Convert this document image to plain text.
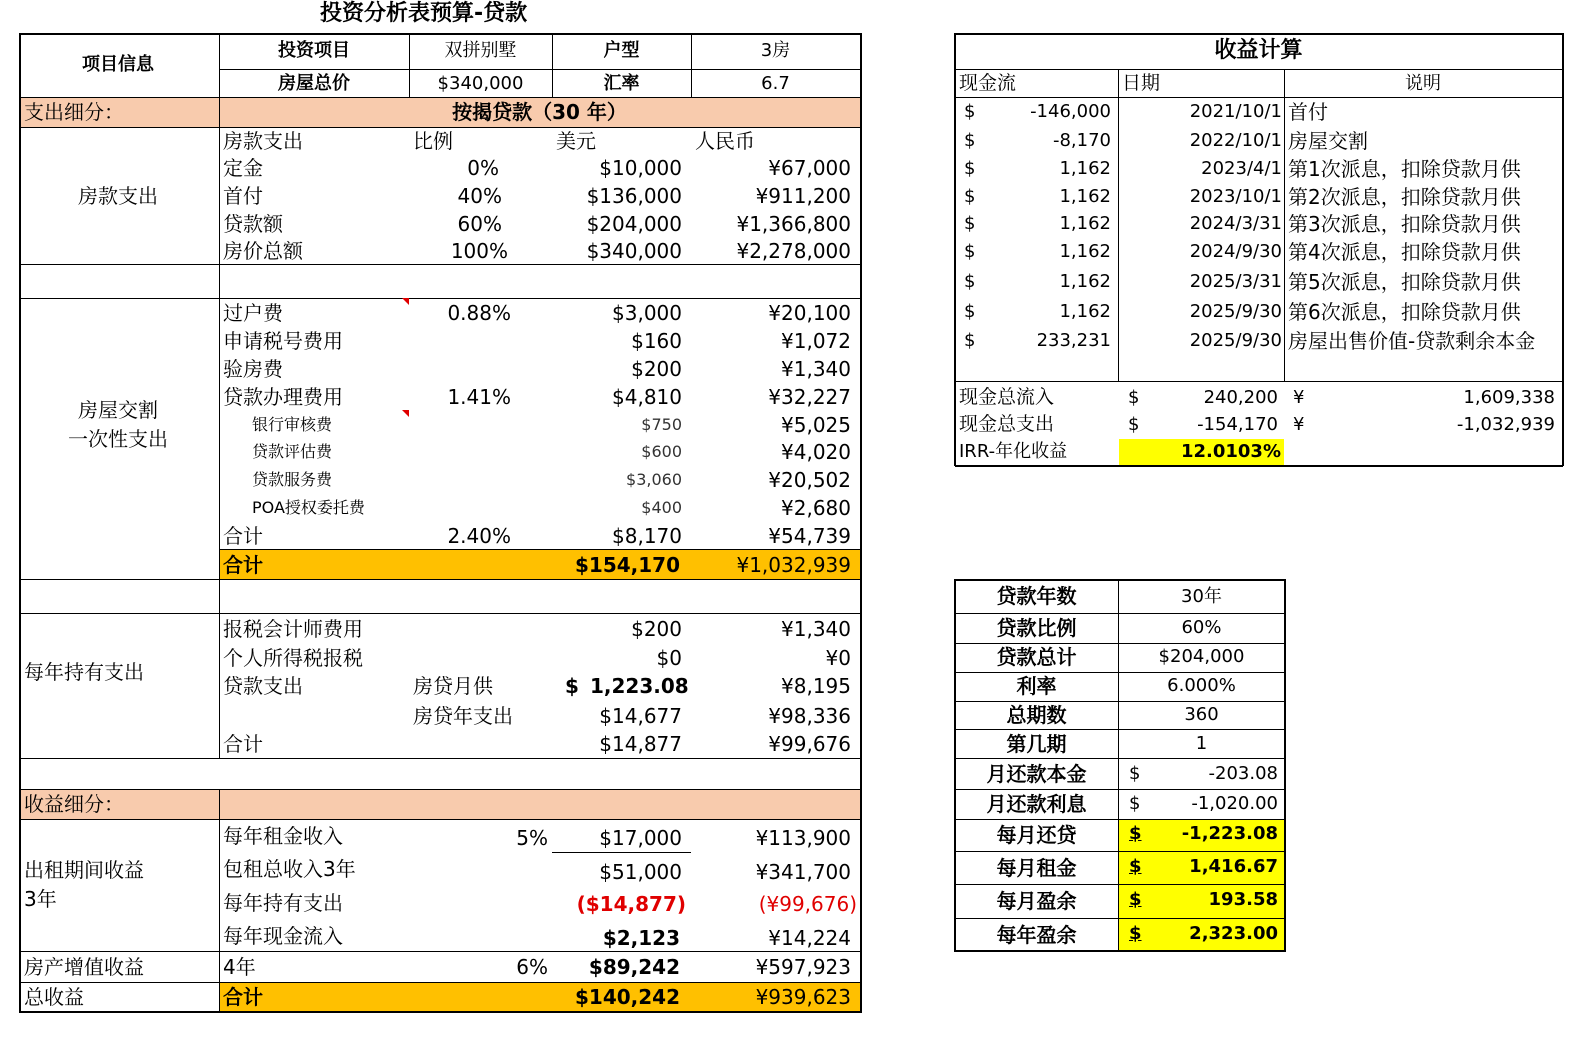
投资分析表预算-贷款
项目信息
投资项目	双拼别墅	户型	3房
房屋总价	$340,000	汇率	6.7
支出细分：	按揭贷款（30 年）
房款支出
房款支出	比例	美元	人民币
定金	0%	$10,000	¥67,000
首付	40%	$136,000	¥911,200
贷款额	60%	$204,000	¥1,366,800
房价总额	100%	$340,000	¥2,278,000
房屋交割
一次性支出
过户费	0.88%	$3,000	¥20,100
申请税号费用	$160	¥1,072
验房费	$200	¥1,340
贷款办理费用	1.41%	$4,810	¥32,227
银行审核费	$750	¥5,025
贷款评估费	$600	¥4,020
贷款服务费	$3,060	¥20,502
POA授权委托费	$400	¥2,680
合计	2.40%	$8,170	¥54,739
合计	$154,170	¥1,032,939
每年持有支出
报税会计师费用	$200	¥1,340
个人所得税报税	$0	¥0
贷款支出	房贷月供	$ 1,223.08	¥8,195
房贷年支出	$14,677	¥98,336
合计	$14,877	¥99,676
收益细分：
出租期间收益
3年
每年租金收入	5%	$17,000	¥113,900
包租总收入3年	$51,000	¥341,700
每年持有支出	($14,877)	(¥99,676)
每年现金流入	$2,123	¥14,224
房产增值收益	4年	6%	$89,242	¥597,923
总收益	合计	$140,242	¥939,623
收益计算
现金流	日期	说明
$	-146,000	2021/10/1 首付
$	-8,170	2022/10/1 房屋交割
$	1,162	2023/4/1 第1次派息，扣除贷款月供
$	1,162	2023/10/1 第2次派息，扣除贷款月供
$	1,162	2024/3/31 第3次派息，扣除贷款月供
$	1,162	2024/9/30 第4次派息，扣除贷款月供
$	1,162	2025/3/31 第5次派息，扣除贷款月供
$	1,162	2025/9/30 第6次派息，扣除贷款月供
$	233,231	2025/9/30 房屋出售价值-贷款剩余本金
现金总流入	$	240,200 ¥	1,609,338
现金总支出	$	-154,170 ¥	-1,032,939
IRR-年化收益	12.0103%
贷款年数	30年
贷款比例	60%
贷款总计	$204,000
利率	6.000%
总期数	360
第几期	1
月还款本金	$	-203.08
月还款利息	$	-1,020.00
每月还贷	$	-1,223.08
每月租金	$	1,416.67
每月盈余	$	193.58
每年盈余	$	2,323.00
